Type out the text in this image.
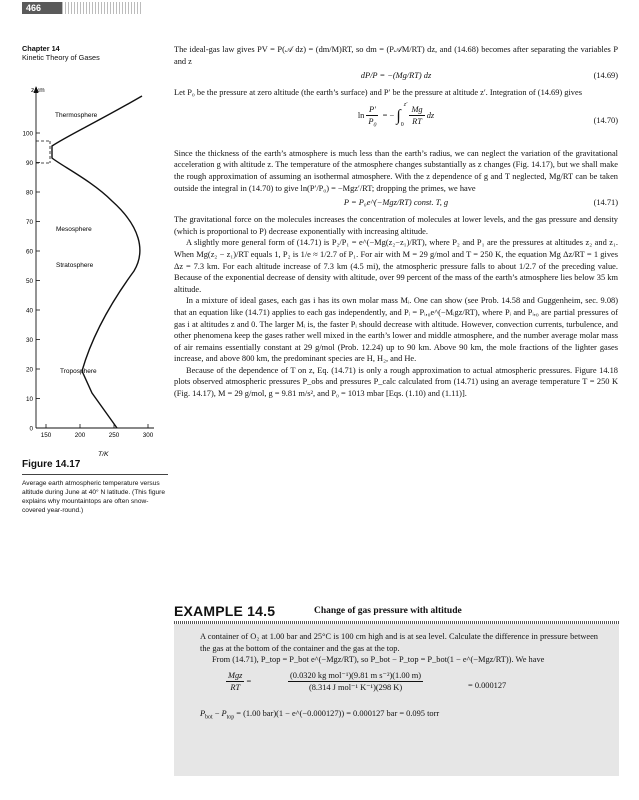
466
Chapter 14
Kinetic Theory of Gases
0
10
20
30
40
50
60
70
80
90
100
150	200	250	300
z/km
Thermosphere
Mesosphere
Stratosphere
Troposphere
T/K
Figure 14.17
Average earth atmospheric temperature versus altitude during June at 40° N latitude. (This figure explains why mountaintops are often snow-covered year-round.)

The ideal-gas law gives PV = P(𝒜 dz) = (dm/M)RT, so dm = (P𝒜M/RT) dz, and (14.68) becomes after separating the variables P and z

dP/P = −(Mg/RT) dz	(14.69)

Let P₀ be the pressure at zero altitude (the earth’s surface) and P′ be the pressure at altitude z′. Integration of (14.69) gives

$\ln \frac{P'}{P_0}$ = − $\int_0^{z'} \frac{Mg}{RT}$ dz
(14.70)

Since the thickness of the earth’s atmosphere is much less than the earth’s radius, we can neglect the variation of the gravitational acceleration g with altitude z. The temperature of the atmosphere changes substantially as z changes (Fig. 14.17), but we shall make the rough approximation of assuming an isothermal atmosphere. With the z dependence of g and T neglected, Mg/RT can be taken outside the integral in (14.70) to give ln(P′/P₀) = −Mgz′/RT; dropping the primes, we have

P = P₀e^(−Mgz/RT) const. T, g	(14.71)

The gravitational force on the molecules increases the concentration of molecules at lower levels, and the gas pressure and density (which is proportional to P) decrease exponentially with increasing altitude.

A slightly more general form of (14.71) is P₂/P₁ = e^(−Mg(z₂−z₁)/RT), where P₂ and P₁ are the pressures at altitudes z₂ and z₁. When Mg(z₂ − z₁)/RT equals 1, P₂ is 1/e ≈ 1/2.7 of P₁. For air with M = 29 g/mol and T = 250 K, the equation Mg Δz/RT = 1 gives Δz = 7.3 km. For each altitude increase of 7.3 km (4.5 mi), the atmospheric pressure falls to about 1/2.7 of the preceding value. Because of the exponential decrease of density with altitude, over 99 percent of the mass of the earth’s atmosphere lies below 35 km altitude.

In a mixture of ideal gases, each gas i has its own molar mass Mᵢ. One can show (see Prob. 14.58 and Guggenheim, sec. 9.08) that an equation like (14.71) applies to each gas independently, and Pᵢ = Pᵢ,₀e^(−Mᵢgz/RT), where Pᵢ and Pᵢ,₀ are partial pressures of gas i at altitudes z and 0. The larger Mᵢ is, the faster Pᵢ should decrease with altitude. However, convection currents, turbulence, and other phenomena keep the gases rather well mixed in the earth’s lower and middle atmosphere, and the number average molar mass of air remains essentially constant at 29 g/mol (Prob. 12.24) up to 90 km. Above 90 km, the mole fractions of the lighter gases increase, and above 800 km, the predominant species are H, H₂, and He.

Because of the dependence of T on z, Eq. (14.71) is only a rough approximation to actual atmospheric pressures. Figure 14.18 plots observed atmospheric pressures P_obs and pressures P_calc calculated from (14.71) using an average temperature T = 250 K (Fig. 14.17), M = 29 g/mol, g = 9.81 m/s², and P₀ = 1013 mbar [Eqs. (1.10) and (1.11)].

EXAMPLE 14.5	Change of gas pressure with altitude

A container of O₂ at 1.00 bar and 25°C is 100 cm high and is at sea level. Calculate the difference in pressure between the gas at the bottom of the container and the gas at the top.

From (14.71), P_top = P_bot e^(−Mgz/RT), so P_bot − P_top = P_bot(1 − e^(−Mgz/RT)). We have

$\frac{\text{Mgz}}{RT}$ =	$\frac{\text{(0.0320 kg mol⁻¹)(9.81 m s⁻²)(1.00 m)}}{\text{(8.314 J mol⁻¹ K⁻¹)(298 K)}}$	= 0.000127
$P_{bot} - P_{top} = (1.00$ bar)(1 − e^(−0.000127)) = 0.000127 bar = 0.095 torr
